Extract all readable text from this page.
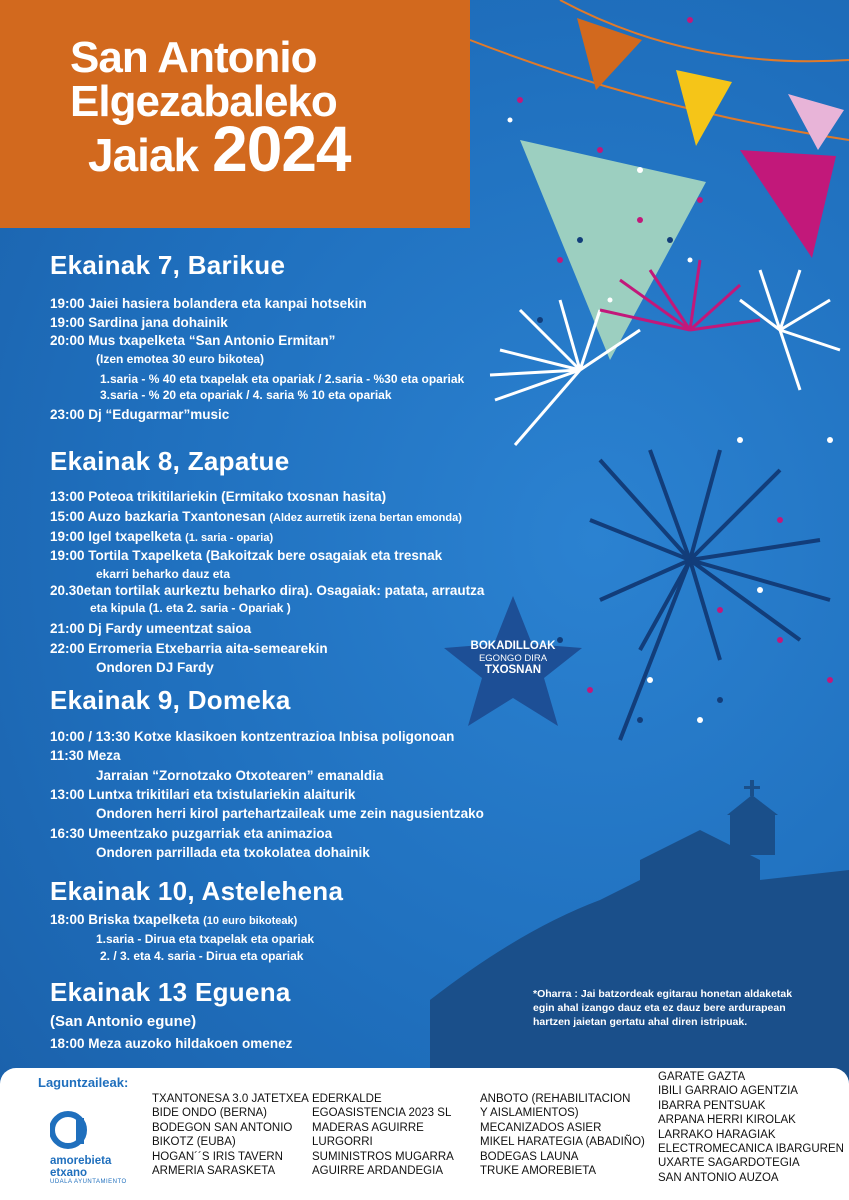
San Antonio
Elgezabaleko
Jaiak 2024
Ekainak 7, Barikue
19:00 Jaiei hasiera bolandera eta kanpai hotsekin
19:00 Sardina jana dohainik
20:00 Mus txapelketa “San Antonio Ermitan”
(Izen emotea 30 euro bikotea)
1.saria - % 40 eta txapelak eta opariak / 2.saria - %30 eta opariak
3.saria - % 20 eta opariak / 4. saria % 10 eta opariak
23:00 Dj “Edugarmar”music
Ekainak 8, Zapatue
13:00 Poteoa trikitilariekin (Ermitako txosnan hasita)
15:00 Auzo bazkaria Txantonesan (Aldez aurretik izena bertan emonda)
19:00 Igel txapelketa (1. saria - oparia)
19:00 Tortila Txapelketa (Bakoitzak bere osagaiak eta tresnak
ekarri beharko dauz eta
20.30etan tortilak aurkeztu beharko dira). Osagaiak: patata, arrautza
eta kipula (1. eta 2. saria - Opariak )
21:00 Dj Fardy umeentzat saioa
22:00 Erromeria Etxebarria aita-semearekin
Ondoren DJ Fardy
Ekainak 9, Domeka
10:00 / 13:30 Kotxe klasikoen kontzentrazioa Inbisa poligonoan
11:30 Meza
Jarraian “Zornotzako Otxotearen” emanaldia
13:00 Luntxa trikitilari eta txistulariekin alaiturik
Ondoren herri kirol partehartzaileak ume zein nagusientzako
16:30 Umeentzako puzgarriak eta animazioa
Ondoren parrillada eta txokolatea dohainik
Ekainak 10, Astelehena
18:00 Briska txapelketa (10 euro bikoteak)
1.saria - Dirua eta txapelak eta opariak
2. / 3. eta 4. saria - Dirua eta opariak
Ekainak 13 Eguena
(San Antonio egune)
18:00 Meza auzoko hildakoen omenez
BOKADILLOAK
EGONGO DIRA
TXOSNAN
*Oharra : Jai batzordeak egitarau honetan aldaketak egin ahal izango dauz eta ez dauz bere ardurapean hartzen jaietan gertatu ahal diren istripuak.
Laguntzaileak:
amorebieta
etxano
UDALA AYUNTAMIENTO
TXANTONESA 3.0 JATETXEA
BIDE ONDO (BERNA)
BODEGON SAN ANTONIO
BIKOTZ (EUBA)
HOGAN´´S IRIS TAVERN
ARMERIA SARASKETA
EDERKALDE
EGOASISTENCIA 2023 SL
MADERAS AGUIRRE
LURGORRI
SUMINISTROS MUGARRA
AGUIRRE ARDANDEGIA
ANBOTO (REHABILITACION
Y AISLAMIENTOS)
MECANIZADOS ASIER
MIKEL HARATEGIA (ABADIÑO)
BODEGAS LAUNA
TRUKE AMOREBIETA
GARATE GAZTA
IBILI GARRAIO AGENTZIA
IBARRA PENTSUAK
ARPANA HERRI KIROLAK
LARRAKO HARAGIAK
ELECTROMECANICA IBARGUREN
UXARTE SAGARDOTEGIA
SAN ANTONIO AUZOA
